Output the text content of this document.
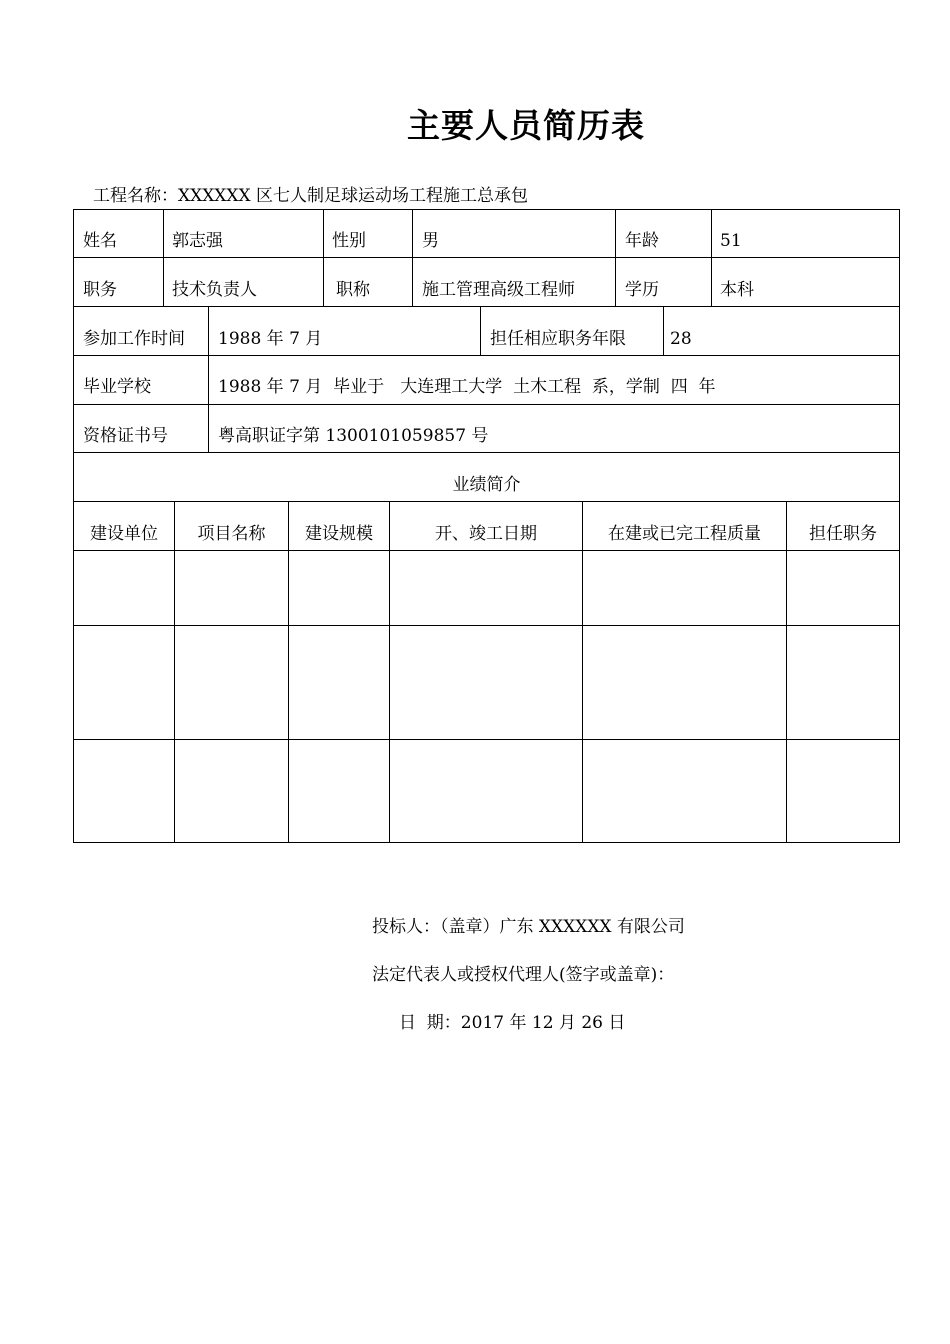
主要人员简历表
工程名称：XXXXXX 区七人制足球运动场工程施工总承包
姓名	郭志强	性别	男	年龄	51
职务	技术负责人	职称	施工管理高级工程师	学历	本科
参加工作时间 1988 年 7 月	担任相应职务年限	28
毕业学校	1988 年 7 月  毕业于   大连理工大学  土木工程  系，学制  四  年
资格证书号	粤高职证字第 1300101059857 号
业绩简介
建设单位	项目名称	建设规模	开、竣工日期	在建或已完工程质量	担任职务
投标人：（盖章）广东 XXXXXX 有限公司
法定代表人或授权代理人(签字或盖章)：
日  期：2017 年 12 月 26 日
